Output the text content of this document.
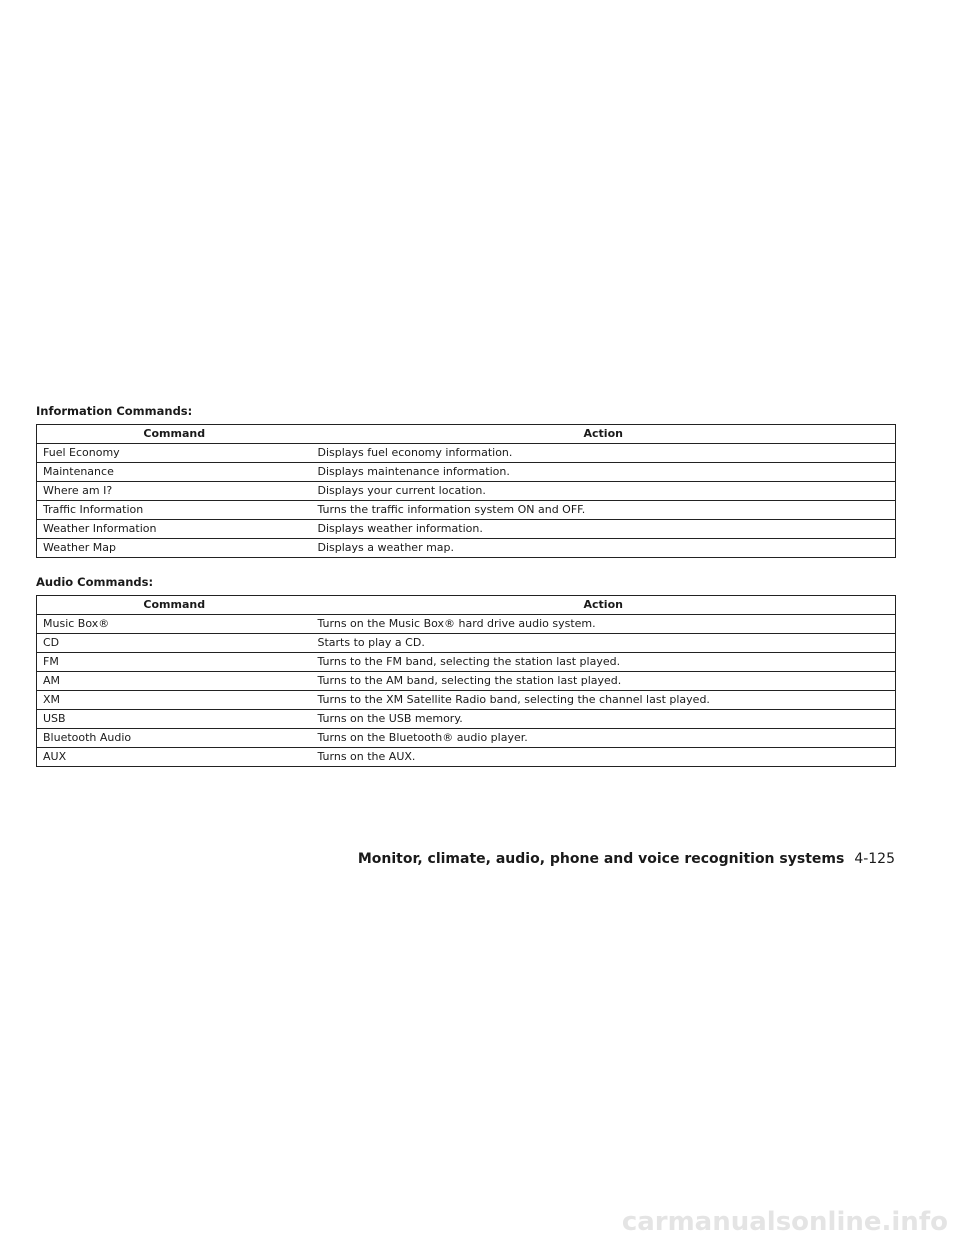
Information Commands:
Command	Action
Fuel Economy	Displays fuel economy information.
Maintenance	Displays maintenance information.
Where am I?	Displays your current location.
Traffic Information	Turns the traffic information system ON and OFF.
Weather Information	Displays weather information.
Weather Map	Displays a weather map.
Audio Commands:
Command	Action
Music Box®	Turns on the Music Box® hard drive audio system.
CD	Starts to play a CD.
FM	Turns to the FM band, selecting the station last played.
AM	Turns to the AM band, selecting the station last played.
XM	Turns to the XM Satellite Radio band, selecting the channel last played.
USB	Turns on the USB memory.
Bluetooth Audio	Turns on the Bluetooth® audio player.
AUX	Turns on the AUX.
Monitor, climate, audio, phone and voice recognition systems 4-125
carmanualsonline.info
